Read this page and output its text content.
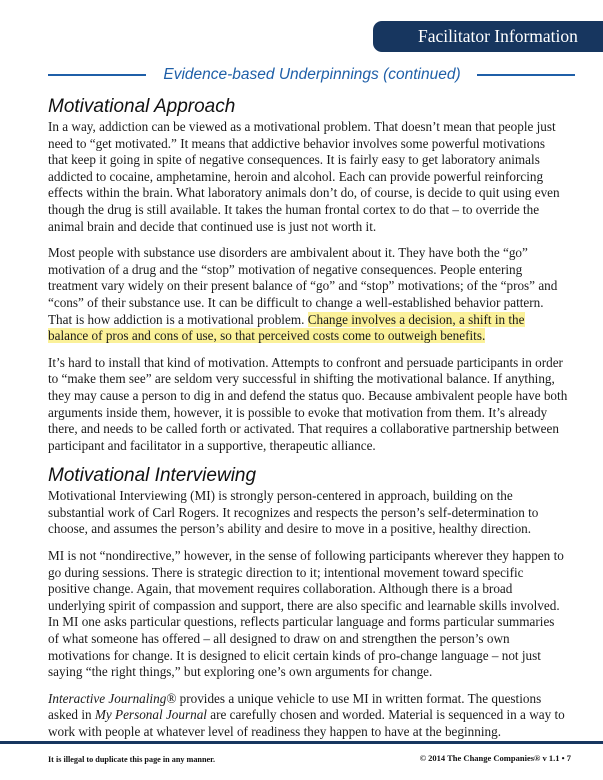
Facilitator Information
Evidence-based Underpinnings (continued)
Motivational Approach

In a way, addiction can be viewed as a motivational problem. That doesn’t mean that people just need to “get motivated.” It means that addictive behavior involves some powerful motivations that keep it going in spite of negative consequences. It is fairly easy to get laboratory animals addicted to cocaine, amphetamine, heroin and alcohol. Each can provide powerful reinforcing effects within the brain. What laboratory animals don’t do, of course, is decide to quit using even though the drug is still available. It takes the human frontal cortex to do that – to override the animal brain and decide that continued use is just not worth it.

Most people with substance use disorders are ambivalent about it. They have both the “go” motivation of a drug and the “stop” motivation of negative consequences. People entering treatment vary widely on their present balance of “go” and “stop” motivations; of the “pros” and “cons” of their substance use. It can be difficult to change a well-established behavior pattern. That is how addiction is a motivational problem. Change involves a decision, a shift in the balance of pros and cons of use, so that perceived costs come to outweigh benefits.

It’s hard to install that kind of motivation. Attempts to confront and persuade participants in order to “make them see” are seldom very successful in shifting the motivational balance. If anything, they may cause a person to dig in and defend the status quo. Because ambivalent people have both arguments inside them, however, it is possible to evoke that motivation from them. It’s already there, and needs to be called forth or activated. That requires a collaborative partnership between participant and facilitator in a supportive, therapeutic alliance.

Motivational Interviewing

Motivational Interviewing (MI) is strongly person-centered in approach, building on the substantial work of Carl Rogers. It recognizes and respects the person’s self-determination to choose, and assumes the person’s ability and desire to move in a positive, healthy direction.

MI is not “nondirective,” however, in the sense of following participants wherever they happen to go during sessions. There is strategic direction to it; intentional movement toward specific positive change. Again, that movement requires collaboration. Although there is a broad underlying spirit of compassion and support, there are also specific and learnable skills involved. In MI one asks particular questions, reflects particular language and forms particular summaries of what someone has offered – all designed to draw on and strengthen the person’s own motivations for change. It is designed to elicit certain kinds of pro-change language – not just saying “the right things,” but exploring one’s own arguments for change.

Interactive Journaling® provides a unique vehicle to use MI in written format. The questions asked in My Personal Journal are carefully chosen and worded. Material is sequenced in a way to work with people at whatever level of readiness they happen to have at the beginning.

It is illegal to duplicate this page in any manner.	© 2014 The Change Companies® v 1.1 • 7
